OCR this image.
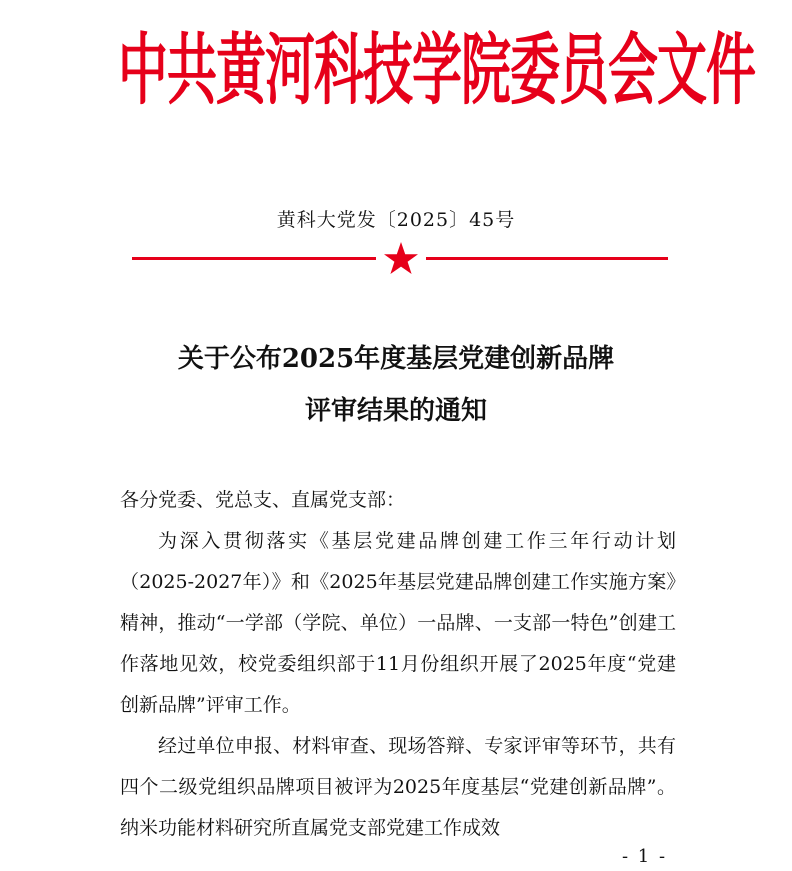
中共黄河科技学院委员会文件
黄科大党发〔2025〕45号
关于公布2025年度基层党建创新品牌
评审结果的通知

各分党委、党总支、直属党支部：

为深入贯彻落实《基层党建品牌创建工作三年行动计划（2025-2027年）》和《2025年基层党建品牌创建工作实施方案》精神，推动“一学部（学院、单位）一品牌、一支部一特色”创建工作落地见效，校党委组织部于11月份组织开展了2025年度“党建创新品牌”评审工作。

经过单位申报、材料审查、现场答辩、专家评审等环节，共有四个二级党组织品牌项目被评为2025年度基层“党建创新品牌”。纳米功能材料研究所直属党支部党建工作成效

- 1 -
